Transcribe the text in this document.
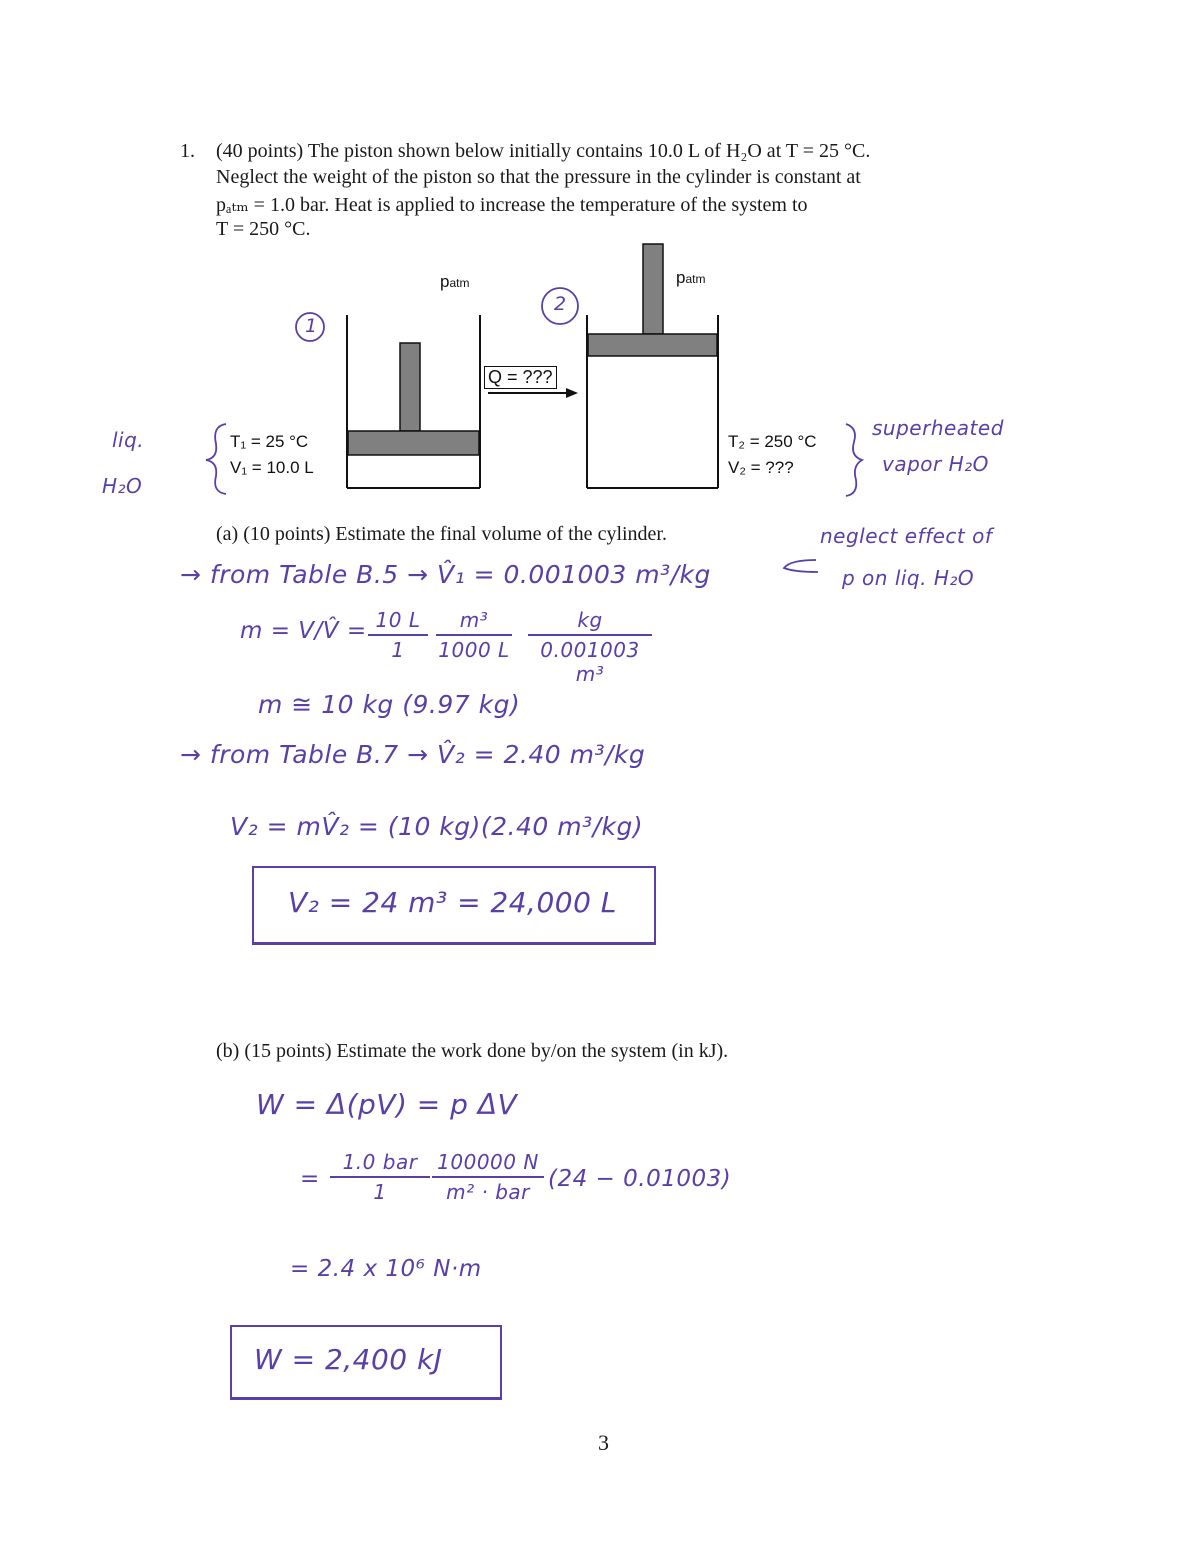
1. (40 points) The piston shown below initially contains 10.0 L of H₂O at T = 25 °C.
Neglect the weight of the piston so that the pressure in the cylinder is constant at
pₐₜₘ = 1.0 bar. Heat is applied to increase the temperature of the system to
T = 250 °C.
patm	patm
1
2
Q = ???
T₁ = 25 °C
V₁ = 10.0 L
T₂ = 250 °C
V₂ = ???
liq.
H₂O
superheated
vapor H₂O
(a) (10 points) Estimate the final volume of the cylinder.	neglect effect of
p on liq. H₂O
→ from Table B.5 → V̂₁ = 0.001003 m³/kg
m = V/V̂ = 10 L
1
m³
1000 L
kg
0.001003 m³
m ≅ 10 kg (9.97 kg)
→ from Table B.7 → V̂₂ = 2.40 m³/kg
V₂ = mV̂₂ = (10 kg)(2.40 m³/kg)
V₂ = 24 m³ = 24,000 L
(b) (15 points) Estimate the work done by/on the system (in kJ).
W = Δ(pV) = p ΔV
=
1.0 bar
1
100000 N
m² · bar (24 − 0.01003)
= 2.4 x 10⁶ N·m
W = 2,400 kJ
3
